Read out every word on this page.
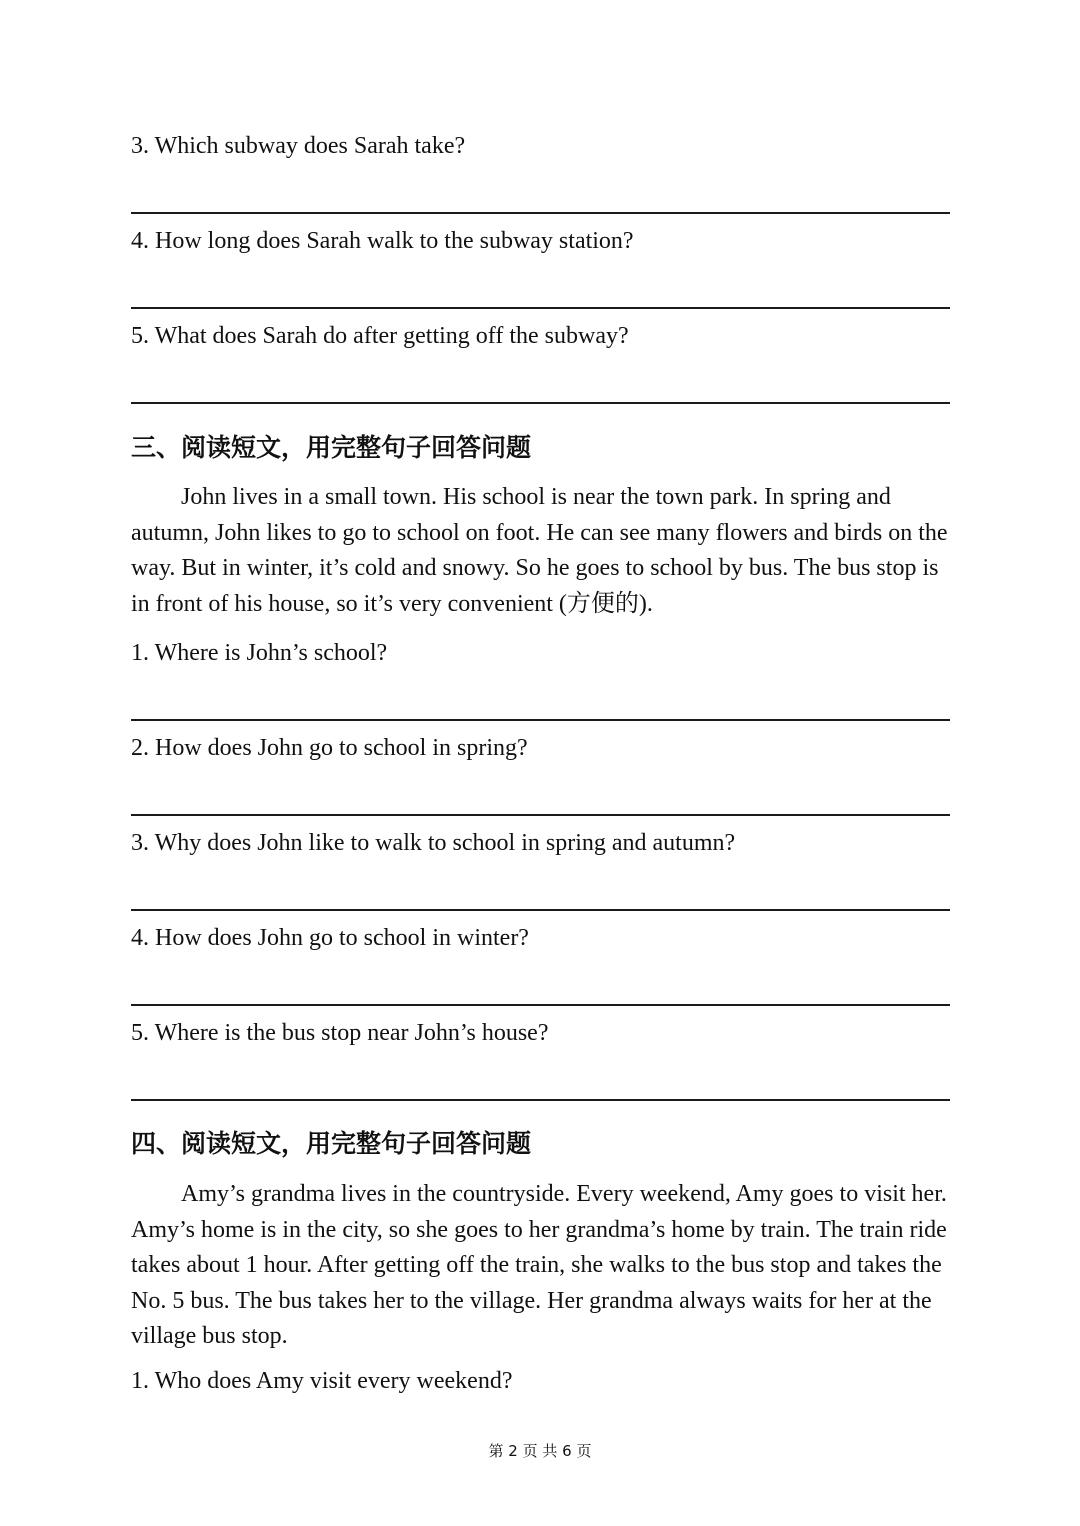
3. Which subway does Sarah take?
4. How long does Sarah walk to the subway station?
5. What does Sarah do after getting off the subway?
三、阅读短文，用完整句子回答问题

John lives in a small town. His school is near the town park. In spring and autumn, John likes to go to school on foot. He can see many flowers and birds on the way. But in winter, it’s cold and snowy. So he goes to school by bus. The bus stop is in front of his house, so it’s very convenient (方便的).

1. Where is John’s school?
2. How does John go to school in spring?
3. Why does John like to walk to school in spring and autumn?
4. How does John go to school in winter?
5. Where is the bus stop near John’s house?
四、阅读短文，用完整句子回答问题

Amy’s grandma lives in the countryside. Every weekend, Amy goes to visit her. Amy’s home is in the city, so she goes to her grandma’s home by train. The train ride takes about 1 hour. After getting off the train, she walks to the bus stop and takes the No. 5 bus. The bus takes her to the village. Her grandma always waits for her at the village bus stop.

1. Who does Amy visit every weekend?
第 2 页 共 6 页
